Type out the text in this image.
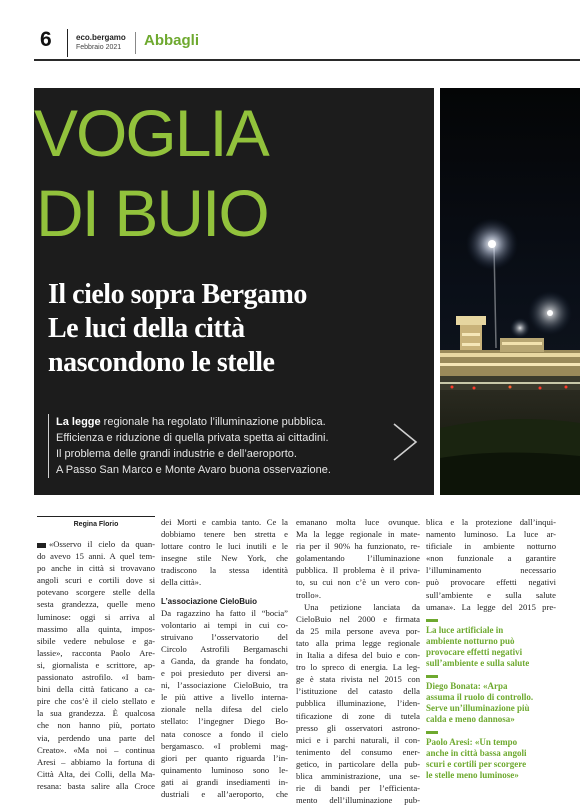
6	eco.bergamo
Febbraio 2021 Abbagli
VOGLIA
DI BUIO
Il cielo sopra Bergamo
Le luci della città
nascondono le stelle
La legge regionale ha regolato l’illuminazione pubblica.
Efficienza e riduzione di quella privata spetta ai cittadini.
Il problema delle grandi industrie e dell’aeroporto.
A Passo San Marco e Monte Avaro buona osservazione.
Regina Florio
«Osservo il cielo da quan-
do avevo 15 anni. A quel tem-
po anche in città si trovavano
angoli scuri e cortili dove si
potevano scorgere stelle della
sesta grandezza, quelle meno
luminose: oggi si arriva al
massimo alla quinta, impos-
sibile vedere nebulose e ga-
lassie», racconta Paolo Are-
si, giornalista e scrittore, ap-
passionato astrofilo. «I bam-
bini della città faticano a ca-
pire che cos’è il cielo stellato e
la sua grandezza. È qualcosa
che non hanno più, portato
via, perdendo una parte del
Creato». «Ma noi – continua
Aresi – abbiamo la fortuna di
Città Alta, dei Colli, della Ma-
resana: basta salire alla Croce
dei Morti e cambia tanto. Ce la
dobbiamo tenere ben stretta e
lottare contro le luci inutili e le
insegne stile New York, che
tradiscono la stessa identità
della città».
L’associazione CieloBuio
Da ragazzino ha fatto il “bocia”
volontario ai tempi in cui co-
struivano l’osservatorio del
Circolo Astrofili Bergamaschi
a Ganda, da grande ha fondato,
e poi presieduto per diversi an-
ni, l’associazione CieloBuio, tra
le più attive a livello interna-
zionale nella difesa del cielo
stellato: l’ingegner Diego Bo-
nata conosce a fondo il cielo
bergamasco. «I problemi mag-
giori per quanto riguarda l’in-
quinamento luminoso sono le-
gati ai grandi insediamenti in-
dustriali e all’aeroporto, che
emanano molta luce ovunque.
Ma la legge regionale in mate-
ria per il 90% ha funzionato, re-
golamentando l’illuminazione
pubblica. Il problema è il priva-
to, su cui non c’è un vero con-
trollo».
Una petizione lanciata da
CieloBuio nel 2000 e firmata
da 25 mila persone aveva por-
tato alla prima legge regionale
in Italia a difesa del buio e con-
tro lo spreco di energia. La leg-
ge è stata rivista nel 2015 con
l’istituzione del catasto della
pubblica illuminazione, l’iden-
tificazione di zone di tutela
presso gli osservatori astrono-
mici e i parchi naturali, il con-
tenimento del consumo ener-
getico, in particolare della pub-
blica amministrazione, una se-
rie di bandi per l’efficienta-
mento dell’illuminazione pub-
blica e la protezione dall’inqui-
namento luminoso. La luce ar-
tificiale in ambiente notturno
«non funzionale a garantire
l’illuminamento necessario
può provocare effetti negativi
sull’ambiente e sulla salute
umana». La legge del 2015 pre-
La luce artificiale in
ambiente notturno può
provocare effetti negativi
sull’ambiente e sulla salute
Diego Bonata: «Arpa
assuma il ruolo di controllo.
Serve un’illuminazione più
calda e meno dannosa»
Paolo Aresi: «Un tempo
anche in città bassa angoli
scuri e cortili per scorgere
le stelle meno luminose»
